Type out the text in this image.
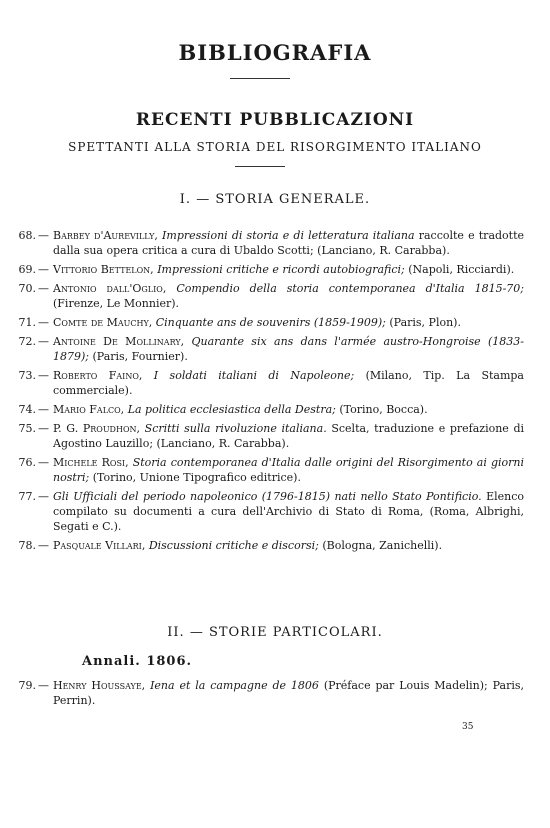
BIBLIOGRAFIA
RECENTI PUBBLICAZIONI
SPETTANTI ALLA STORIA DEL RISORGIMENTO ITALIANO
I. — STORIA GENERALE.
68. — Barbey d'Aurevilly, Impressioni di storia e di letteratura italiana raccolte e tradotte dalla sua opera critica a cura di Ubaldo Scotti; (Lanciano, R. Carabba).
69. — Vittorio Bettelon, Impressioni critiche e ricordi autobiografici; (Napoli, Ricciardi).
70. — Antonio dall'Oglio, Compendio della storia contemporanea d'Italia 1815-70; (Firenze, Le Monnier).
71. — Comte de Mauchy, Cinquante ans de souvenirs (1859-1909); (Paris, Plon).
72. — Antoine De Mollinary, Quarante six ans dans l'armée austro-Hongroise (1833-1879); (Paris, Fournier).
73. — Roberto Faino, I soldati italiani di Napoleone; (Milano, Tip. La Stampa commerciale).
74. — Mario Falco, La politica ecclesiastica della Destra; (Torino, Bocca).
75. — P. G. Proudhon, Scritti sulla rivoluzione italiana. Scelta, traduzione e prefazione di Agostino Lauzillo; (Lanciano, R. Carabba).
76. — Michele Rosi, Storia contemporanea d'Italia dalle origini del Risorgimento ai giorni nostri; (Torino, Unione Tipografico editrice).
77. — Gli Ufficiali del periodo napoleonico (1796-1815) nati nello Stato Pontificio. Elenco compilato su documenti a cura dell'Archivio di Stato di Roma, (Roma, Albrighi, Segati e C.).
78. — Pasquale Villari, Discussioni critiche e discorsi; (Bologna, Zanichelli).
II. — STORIE PARTICOLARI.
Annali. 1806.
79. — Henry Houssaye, Iena et la campagne de 1806 (Préface par Louis Madelin); Paris, Perrin).
35
